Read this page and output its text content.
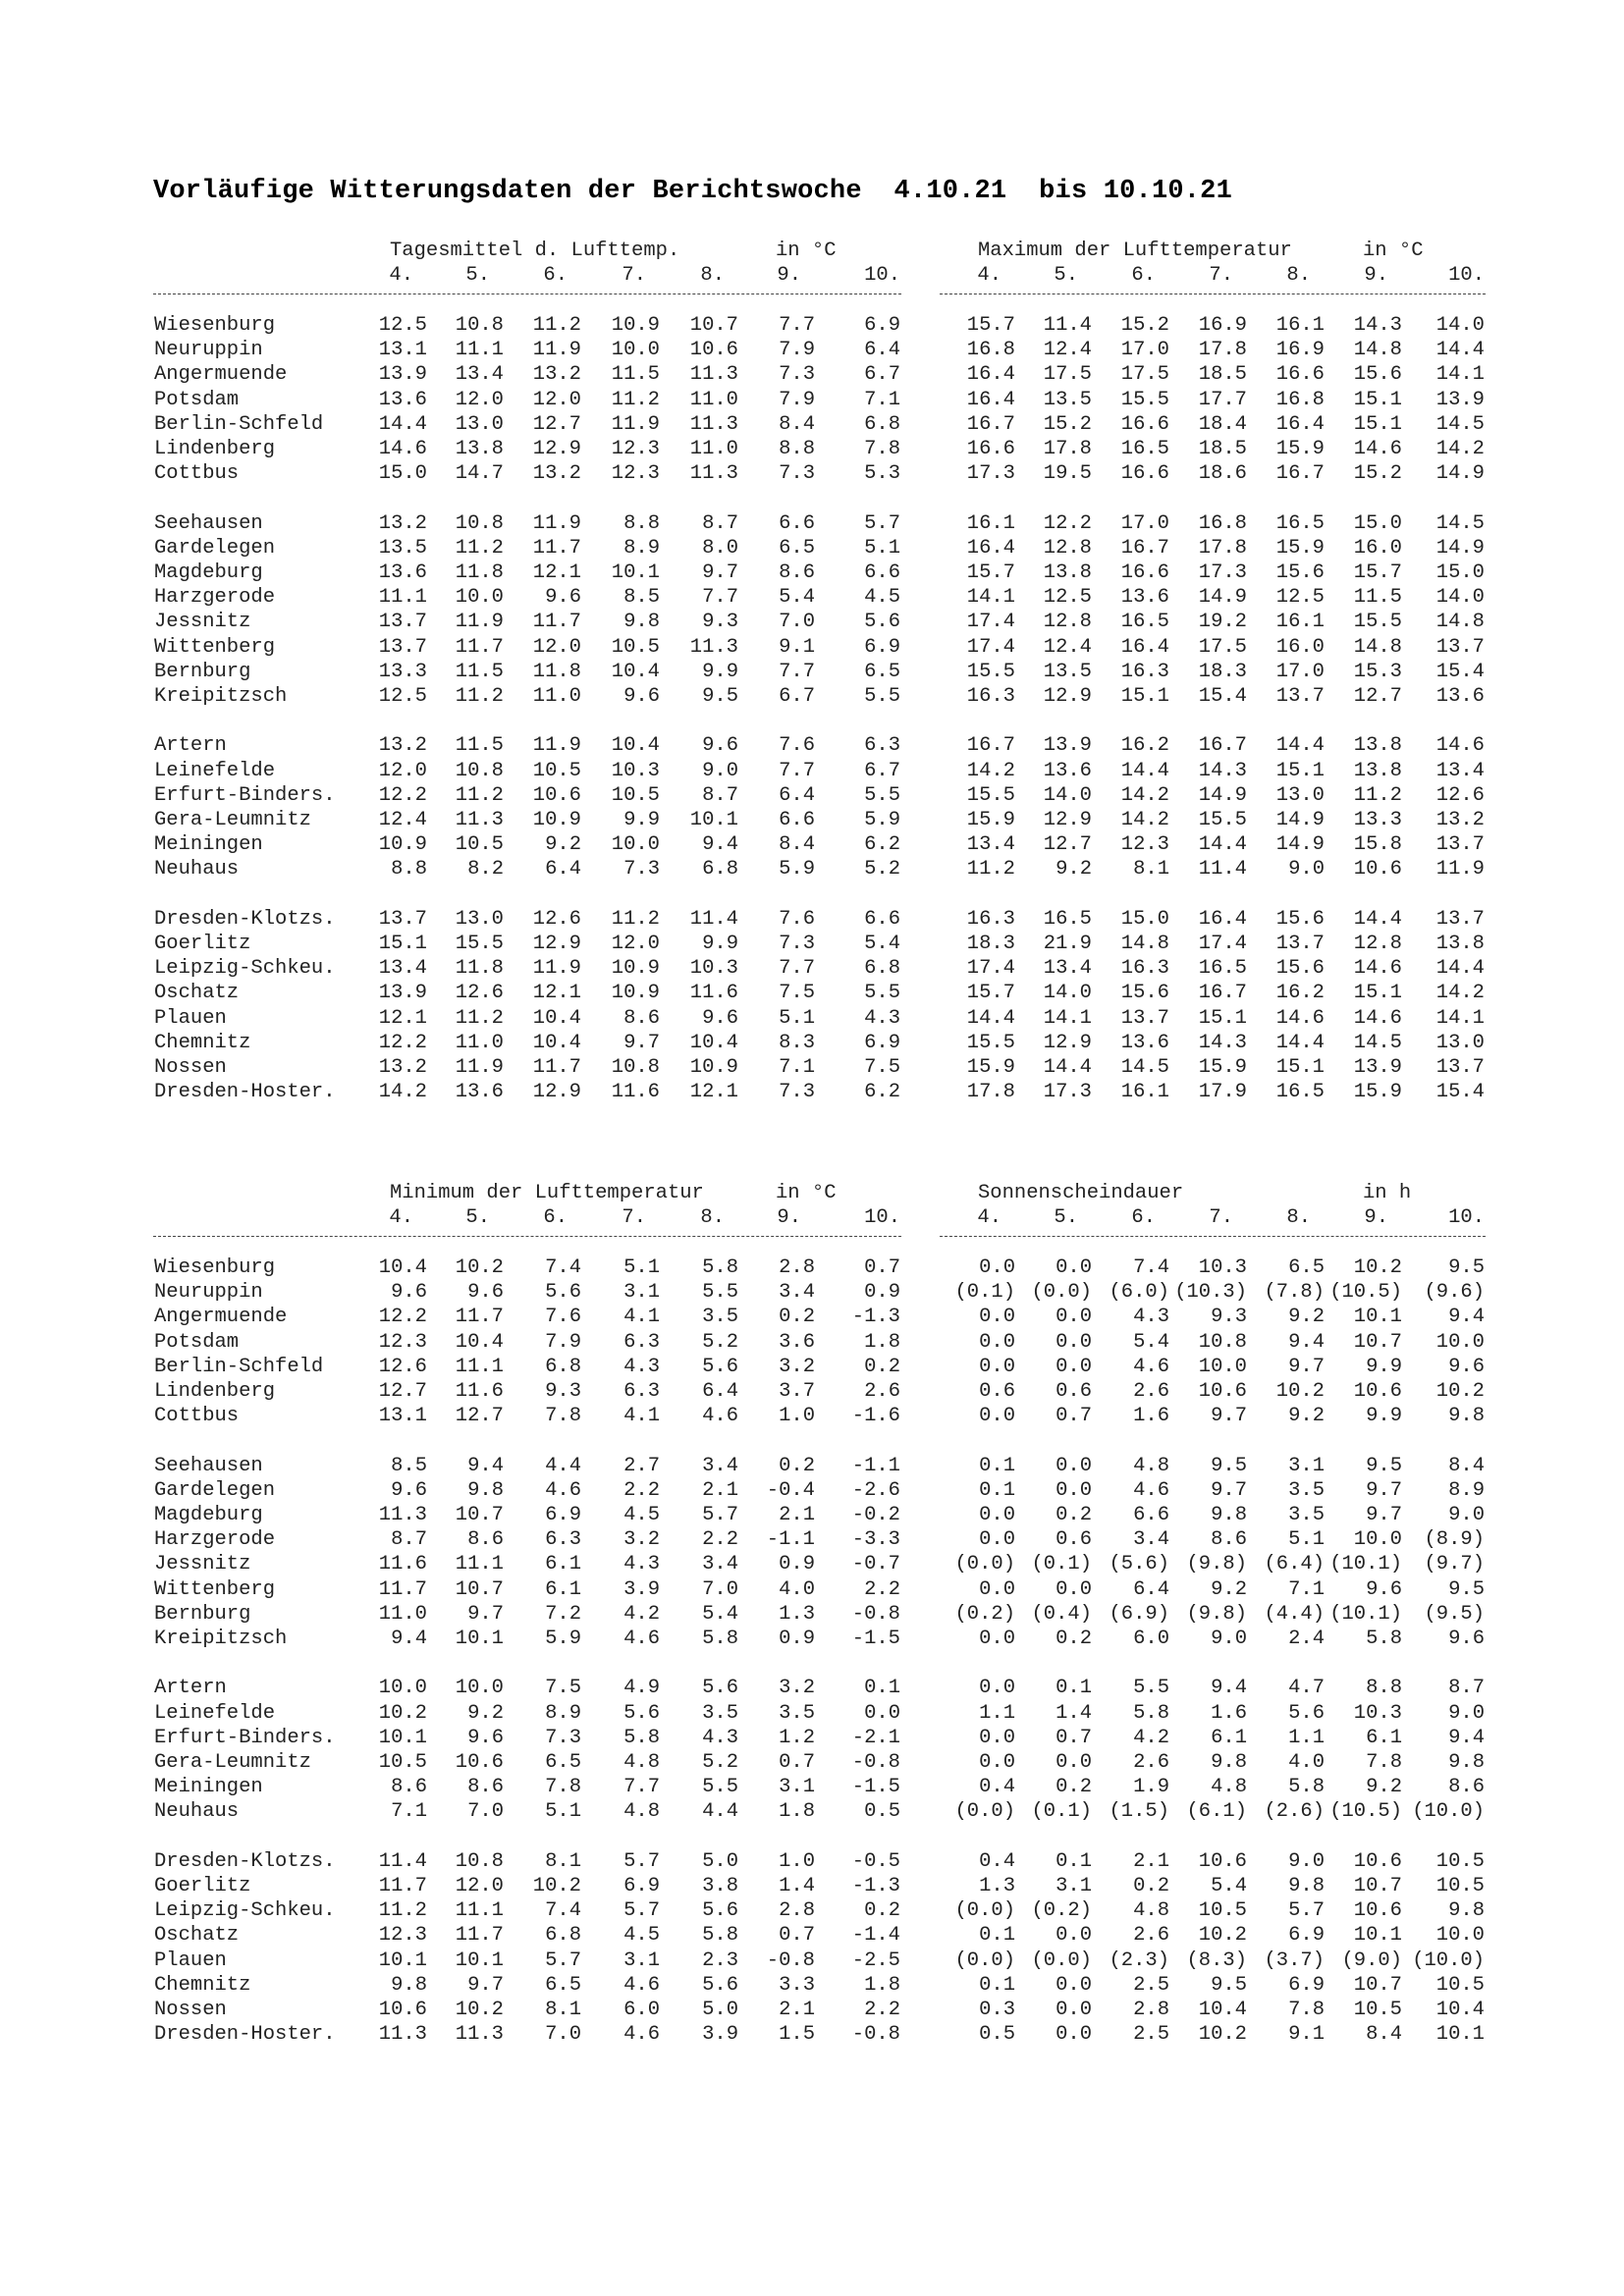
Vorläufige Witterungsdaten der Berichtswoche  4.10.21  bis 10.10.21
Tagesmittel d. Lufttemp.	in °C
4.	5.	6.	7.	8.	9.	10.
Maximum der Lufttemperatur	in °C
4.	5.	6.	7.	8.	9.	10.
Wiesenburg	12.5 10.8 11.2 10.9 10.7 7.7 6.9	15.7 11.4 15.2 16.9 16.1 14.3 14.0
Neuruppin	13.1 11.1 11.9 10.0 10.6 7.9 6.4	16.8 12.4 17.0 17.8 16.9 14.8 14.4
Angermuende	13.9 13.4 13.2 11.5 11.3 7.3 6.7	16.4 17.5 17.5 18.5 16.6 15.6 14.1
Potsdam	13.6 12.0 12.0 11.2 11.0 7.9 7.1	16.4 13.5 15.5 17.7 16.8 15.1 13.9
Berlin-Schfeld	14.4 13.0 12.7 11.9 11.3 8.4 6.8	16.7 15.2 16.6 18.4 16.4 15.1 14.5
Lindenberg	14.6 13.8 12.9 12.3 11.0 8.8 7.8	16.6 17.8 16.5 18.5 15.9 14.6 14.2
Cottbus	15.0 14.7 13.2 12.3 11.3 7.3 5.3	17.3 19.5 16.6 18.6 16.7 15.2 14.9
Seehausen	13.2 10.8 11.9 8.8 8.7 6.6 5.7	16.1 12.2 17.0 16.8 16.5 15.0 14.5
Gardelegen	13.5 11.2 11.7 8.9 8.0 6.5 5.1	16.4 12.8 16.7 17.8 15.9 16.0 14.9
Magdeburg	13.6 11.8 12.1 10.1 9.7 8.6 6.6	15.7 13.8 16.6 17.3 15.6 15.7 15.0
Harzgerode	11.1 10.0 9.6 8.5 7.7 5.4 4.5	14.1 12.5 13.6 14.9 12.5 11.5 14.0
Jessnitz	13.7 11.9 11.7 9.8 9.3 7.0 5.6	17.4 12.8 16.5 19.2 16.1 15.5 14.8
Wittenberg	13.7 11.7 12.0 10.5 11.3 9.1 6.9	17.4 12.4 16.4 17.5 16.0 14.8 13.7
Bernburg	13.3 11.5 11.8 10.4 9.9 7.7 6.5	15.5 13.5 16.3 18.3 17.0 15.3 15.4
Kreipitzsch	12.5 11.2 11.0 9.6 9.5 6.7 5.5	16.3 12.9 15.1 15.4 13.7 12.7 13.6
Artern	13.2 11.5 11.9 10.4 9.6 7.6 6.3	16.7 13.9 16.2 16.7 14.4 13.8 14.6
Leinefelde	12.0 10.8 10.5 10.3 9.0 7.7 6.7	14.2 13.6 14.4 14.3 15.1 13.8 13.4
Erfurt-Binders. 12.2 11.2 10.6 10.5 8.7 6.4 5.5	15.5 14.0 14.2 14.9 13.0 11.2 12.6
Gera-Leumnitz	12.4 11.3 10.9 9.9 10.1 6.6 5.9	15.9 12.9 14.2 15.5 14.9 13.3 13.2
Meiningen	10.9 10.5 9.2 10.0 9.4 8.4 6.2	13.4 12.7 12.3 14.4 14.9 15.8 13.7
Neuhaus	8.8 8.2 6.4 7.3 6.8 5.9 5.2	11.2 9.2 8.1 11.4 9.0 10.6 11.9
Dresden-Klotzs. 13.7 13.0 12.6 11.2 11.4 7.6 6.6	16.3 16.5 15.0 16.4 15.6 14.4 13.7
Goerlitz	15.1 15.5 12.9 12.0 9.9 7.3 5.4	18.3 21.9 14.8 17.4 13.7 12.8 13.8
Leipzig-Schkeu. 13.4 11.8 11.9 10.9 10.3 7.7 6.8	17.4 13.4 16.3 16.5 15.6 14.6 14.4
Oschatz	13.9 12.6 12.1 10.9 11.6 7.5 5.5	15.7 14.0 15.6 16.7 16.2 15.1 14.2
Plauen	12.1 11.2 10.4 8.6 9.6 5.1 4.3	14.4 14.1 13.7 15.1 14.6 14.6 14.1
Chemnitz	12.2 11.0 10.4 9.7 10.4 8.3 6.9	15.5 12.9 13.6 14.3 14.4 14.5 13.0
Nossen	13.2 11.9 11.7 10.8 10.9 7.1 7.5	15.9 14.4 14.5 15.9 15.1 13.9 13.7
Dresden-Hoster. 14.2 13.6 12.9 11.6 12.1 7.3 6.2	17.8 17.3 16.1 17.9 16.5 15.9 15.4
Minimum der Lufttemperatur	in °C
4.	5.	6.	7.	8.	9.	10.
Sonnenscheindauer	in h
4.	5.	6.	7.	8.	9.	10.
Wiesenburg	10.4 10.2 7.4 5.1 5.8 2.8 0.7	0.0 0.0 7.4 10.3 6.5 10.2 9.5
Neuruppin	9.6 9.6 5.6 3.1 5.5 3.4 0.9	(0.1) (0.0) (6.0) (10.3) (7.8) (10.5) (9.6)
Angermuende	12.2 11.7 7.6 4.1 3.5 0.2 -1.3	0.0 0.0 4.3 9.3 9.2 10.1 9.4
Potsdam	12.3 10.4 7.9 6.3 5.2 3.6 1.8	0.0 0.0 5.4 10.8 9.4 10.7 10.0
Berlin-Schfeld	12.6 11.1 6.8 4.3 5.6 3.2 0.2	0.0 0.0 4.6 10.0 9.7 9.9 9.6
Lindenberg	12.7 11.6 9.3 6.3 6.4 3.7 2.6	0.6 0.6 2.6 10.6 10.2 10.6 10.2
Cottbus	13.1 12.7 7.8 4.1 4.6 1.0 -1.6	0.0 0.7 1.6 9.7 9.2 9.9 9.8
Seehausen	8.5 9.4 4.4 2.7 3.4 0.2 -1.1	0.1 0.0 4.8 9.5 3.1 9.5 8.4
Gardelegen	9.6 9.8 4.6 2.2 2.1 -0.4 -2.6	0.1 0.0 4.6 9.7 3.5 9.7 8.9
Magdeburg	11.3 10.7 6.9 4.5 5.7 2.1 -0.2	0.0 0.2 6.6 9.8 3.5 9.7 9.0
Harzgerode	8.7 8.6 6.3 3.2 2.2 -1.1 -3.3	0.0 0.6 3.4 8.6 5.1 10.0 (8.9)
Jessnitz	11.6 11.1 6.1 4.3 3.4 0.9 -0.7	(0.0) (0.1) (5.6) (9.8) (6.4) (10.1) (9.7)
Wittenberg	11.7 10.7 6.1 3.9 7.0 4.0 2.2	0.0 0.0 6.4 9.2 7.1 9.6 9.5
Bernburg	11.0 9.7 7.2 4.2 5.4 1.3 -0.8	(0.2) (0.4) (6.9) (9.8) (4.4) (10.1) (9.5)
Kreipitzsch	9.4 10.1 5.9 4.6 5.8 0.9 -1.5	0.0 0.2 6.0 9.0 2.4 5.8 9.6
Artern	10.0 10.0 7.5 4.9 5.6 3.2 0.1	0.0 0.1 5.5 9.4 4.7 8.8 8.7
Leinefelde	10.2 9.2 8.9 5.6 3.5 3.5 0.0	1.1 1.4 5.8 1.6 5.6 10.3 9.0
Erfurt-Binders. 10.1 9.6 7.3 5.8 4.3 1.2 -2.1	0.0 0.7 4.2 6.1 1.1 6.1 9.4
Gera-Leumnitz	10.5 10.6 6.5 4.8 5.2 0.7 -0.8	0.0 0.0 2.6 9.8 4.0 7.8 9.8
Meiningen	8.6 8.6 7.8 7.7 5.5 3.1 -1.5	0.4 0.2 1.9 4.8 5.8 9.2 8.6
Neuhaus	7.1 7.0 5.1 4.8 4.4 1.8 0.5	(0.0) (0.1) (1.5) (6.1) (2.6) (10.5) (10.0)
Dresden-Klotzs. 11.4 10.8 8.1 5.7 5.0 1.0 -0.5	0.4 0.1 2.1 10.6 9.0 10.6 10.5
Goerlitz	11.7 12.0 10.2 6.9 3.8 1.4 -1.3	1.3 3.1 0.2 5.4 9.8 10.7 10.5
Leipzig-Schkeu. 11.2 11.1 7.4 5.7 5.6 2.8 0.2	(0.0) (0.2) 4.8 10.5 5.7 10.6 9.8
Oschatz	12.3 11.7 6.8 4.5 5.8 0.7 -1.4	0.1 0.0 2.6 10.2 6.9 10.1 10.0
Plauen	10.1 10.1 5.7 3.1 2.3 -0.8 -2.5	(0.0) (0.0) (2.3) (8.3) (3.7) (9.0) (10.0)
Chemnitz	9.8 9.7 6.5 4.6 5.6 3.3 1.8	0.1 0.0 2.5 9.5 6.9 10.7 10.5
Nossen	10.6 10.2 8.1 6.0 5.0 2.1 2.2	0.3 0.0 2.8 10.4 7.8 10.5 10.4
Dresden-Hoster. 11.3 11.3 7.0 4.6 3.9 1.5 -0.8	0.5 0.0 2.5 10.2 9.1 8.4 10.1
